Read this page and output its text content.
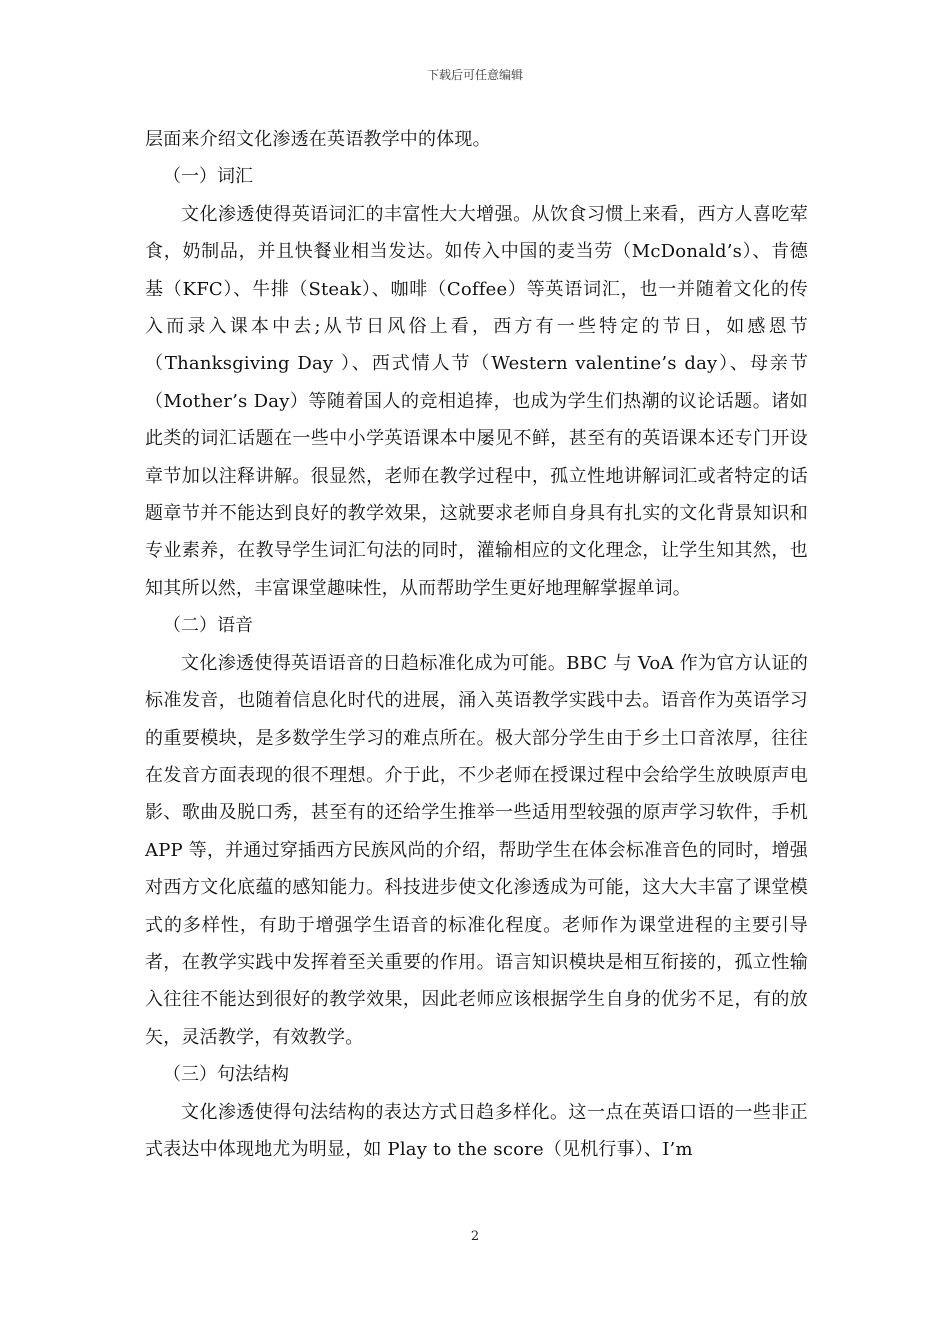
下载后可任意编辑

层面来介绍文化渗透在英语教学中的体现。

（一）词汇

文化渗透使得英语词汇的丰富性大大增强。从饮食习惯上来看，西方人喜吃荤食，奶制品，并且快餐业相当发达。如传入中国的麦当劳（McDonald’s）、肯德基（KFC）、牛排（Steak）、咖啡（Coffee）等英语词汇，也一并随着文化的传入而录入课本中去;从节日风俗上看，西方有一些特定的节日，如感恩节（Thanksgiving Day ）、西式情人节（Western valentine’s day）、母亲节（Mother’s Day）等随着国人的竞相追捧，也成为学生们热潮的议论话题。诸如此类的词汇话题在一些中小学英语课本中屡见不鲜，甚至有的英语课本还专门开设章节加以注释讲解。很显然，老师在教学过程中，孤立性地讲解词汇或者特定的话题章节并不能达到良好的教学效果，这就要求老师自身具有扎实的文化背景知识和专业素养，在教导学生词汇句法的同时，灌输相应的文化理念，让学生知其然，也知其所以然，丰富课堂趣味性，从而帮助学生更好地理解掌握单词。

（二）语音

文化渗透使得英语语音的日趋标准化成为可能。BBC 与 VoA 作为官方认证的标准发音，也随着信息化时代的进展，涌入英语教学实践中去。语音作为英语学习的重要模块，是多数学生学习的难点所在。极大部分学生由于乡土口音浓厚，往往在发音方面表现的很不理想。介于此，不少老师在授课过程中会给学生放映原声电影、歌曲及脱口秀，甚至有的还给学生推举一些适用型较强的原声学习软件，手机 APP 等，并通过穿插西方民族风尚的介绍，帮助学生在体会标准音色的同时，增强对西方文化底蕴的感知能力。科技进步使文化渗透成为可能，这大大丰富了课堂模式的多样性，有助于增强学生语音的标准化程度。老师作为课堂进程的主要引导者，在教学实践中发挥着至关重要的作用。语言知识模块是相互衔接的，孤立性输入往往不能达到很好的教学效果，因此老师应该根据学生自身的优劣不足，有的放矢，灵活教学，有效教学。

（三）句法结构

文化渗透使得句法结构的表达方式日趋多样化。这一点在英语口语的一些非正式表达中体现地尤为明显，如 Play to the score（见机行事）、I’m

2
